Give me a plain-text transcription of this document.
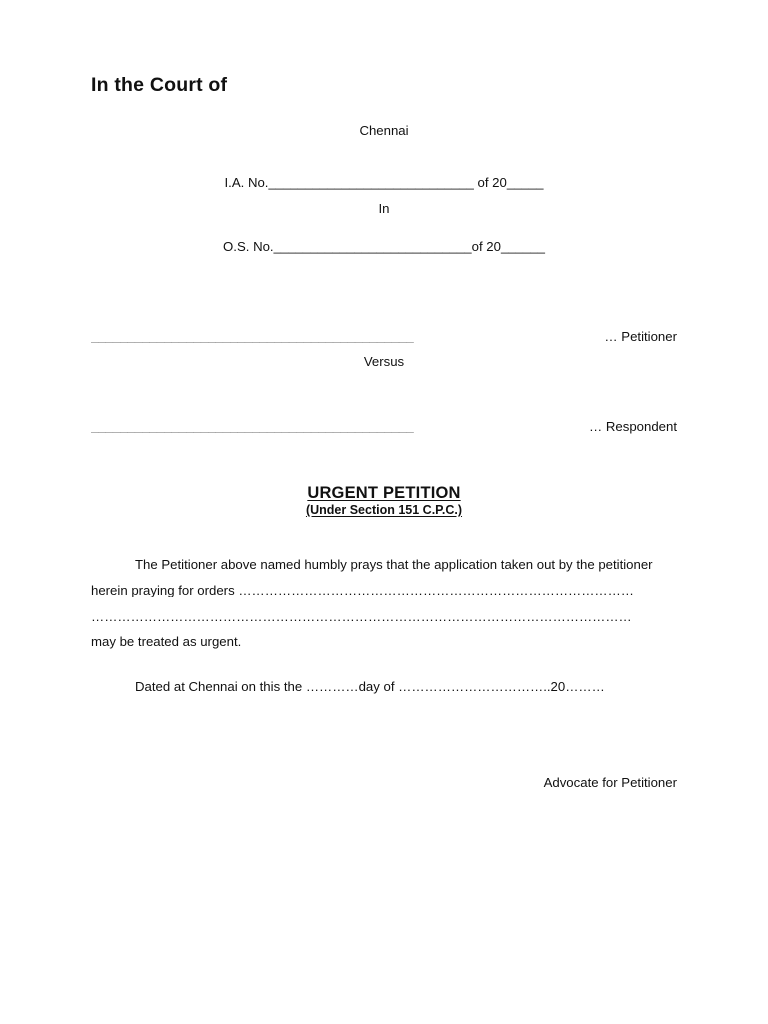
In the Court of
Chennai
I.A. No.____________________________ of 20_____
In
O.S. No.___________________________of 20______
____________________________________________	… Petitioner
Versus
____________________________________________	… Respondent
URGENT PETITION
(Under Section 151 C.P.C.)
The Petitioner above named humbly prays that the application taken out by the petitioner
herein praying for orders ………………………………………………………………………………
……………………………………………………………………………………………………………
may be treated as urgent.
Dated at Chennai on this the …………day of ……………………………..20………
Advocate for Petitioner
